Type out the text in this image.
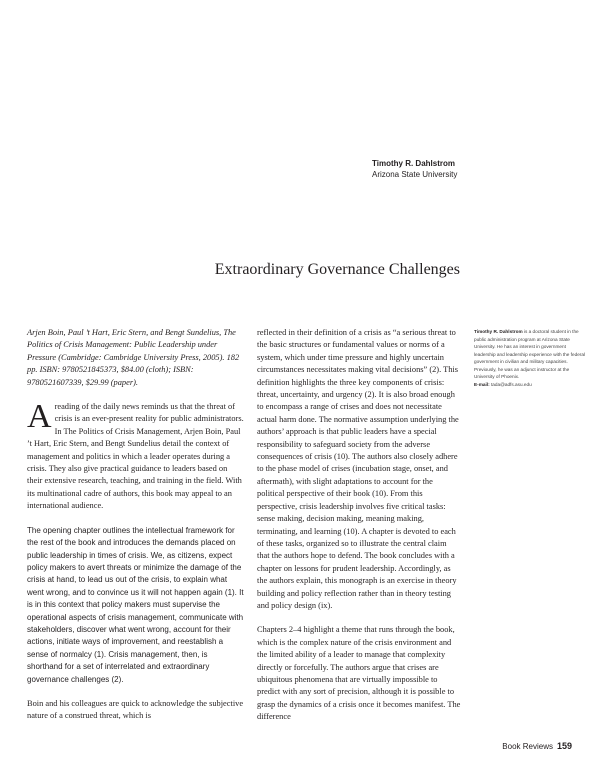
Timothy R. Dahlstrom
Arizona State University
Extraordinary Governance Challenges

Arjen Boin, Paul ’t Hart, Eric Stern, and Bengt Sundelius, The Politics of Crisis Management: Public Leadership under Pressure (Cambridge: Cambridge University Press, 2005). 182 pp. ISBN: 9780521845373, $84.00 (cloth); ISBN: 9780521607339, $29.99 (paper).

Areading of the daily news reminds us that the threat of crisis is an ever-present reality for public administrators. In The Politics of Crisis Management, Arjen Boin, Paul ’t Hart, Eric Stern, and Bengt Sundelius detail the context of management and politics in which a leader operates during a crisis. They also give practical guidance to leaders based on their extensive research, teaching, and training in the field. With its multinational cadre of authors, this book may appeal to an international audience.

The opening chapter outlines the intellectual framework for the rest of the book and introduces the demands placed on public leadership in times of crisis. We, as citizens, expect policy makers to avert threats or minimize the damage of the crisis at hand, to lead us out of the crisis, to explain what went wrong, and to convince us it will not happen again (1). It is in this context that policy makers must supervise the operational aspects of crisis management, communicate with stakeholders, discover what went wrong, account for their actions, initiate ways of improvement, and reestablish a sense of normalcy (1). Crisis management, then, is shorthand for a set of interrelated and extraordinary governance challenges (2).

Boin and his colleagues are quick to acknowledge the subjective nature of a construed threat, which is

reflected in their definition of a crisis as “a serious threat to the basic structures or fundamental values or norms of a system, which under time pressure and highly uncertain circumstances necessitates making vital decisions” (2). This definition highlights the three key components of crisis: threat, uncertainty, and urgency (2). It is also broad enough to encompass a range of crises and does not necessitate actual harm done. The normative assumption underlying the authors’ approach is that public leaders have a special responsibility to safeguard society from the adverse consequences of crisis (10). The authors also closely adhere to the phase model of crises (incubation stage, onset, and aftermath), with slight adaptations to account for the political perspective of their book (10). From this perspective, crisis leadership involves five critical tasks: sense making, decision making, meaning making, terminating, and learning (10). A chapter is devoted to each of these tasks, organized so to illustrate the central claim that the authors hope to defend. The book concludes with a chapter on lessons for prudent leadership. Accordingly, as the authors explain, this monograph is an exercise in theory building and policy reflection rather than in theory testing and policy design (ix).

Chapters 2–4 highlight a theme that runs through the book, which is the complex nature of the crisis environment and the limited ability of a leader to manage that complexity directly or forcefully. The authors argue that crises are ubiquitous phenomena that are virtually impossible to predict with any sort of precision, although it is possible to grasp the dynamics of a crisis once it becomes manifest. The difference

Timothy R. Dahlstrom is a doctoral student in the public administration program at Arizona State University. He has an interest in government leadership and leadership experience with the federal government in civilian and military capacities. Previously, he was an adjunct instructor at the University of Phoenix.
E-mail: tada@adfs.asu.edu
Book Reviews 159
